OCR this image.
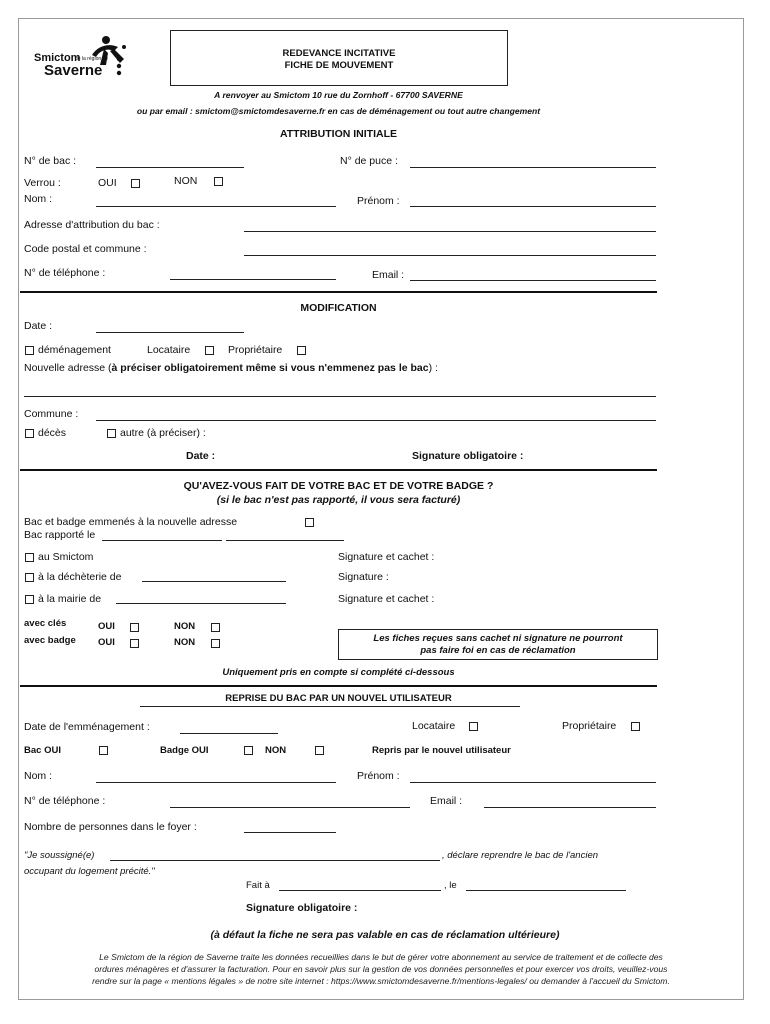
Smictom
de la région de
Saverne
REDEVANCE INCITATIVE
FICHE DE MOUVEMENT
A renvoyer au Smictom 10 rue du Zornhoff - 67700 SAVERNE
ou par email : smictom@smictomdesaverne.fr en cas de déménagement ou tout autre changement
ATTRIBUTION INITIALE
N° de bac :	N° de puce :
Verrou :	OUI	NON
Nom :	Prénom :
Adresse d'attribution du bac :
Code postal et commune :
N° de téléphone :	Email :
MODIFICATION
Date :
déménagement	Locataire	Propriétaire
Nouvelle adresse (à préciser obligatoirement même si vous n'emmenez pas le bac) :
Commune :
décès	autre (à préciser) :
Date :	Signature obligatoire :
QU'AVEZ-VOUS FAIT DE VOTRE BAC ET DE VOTRE BADGE ?
(si le bac n'est pas rapporté, il vous sera facturé)
Bac et badge emmenés à la nouvelle adresse
Bac rapporté le
au Smictom	Signature et cachet :
à la déchèterie de	Signature :
à la mairie de	Signature et cachet :
avec clés	OUI	NON
avec badge OUI	NON	Les fiches reçues sans cachet ni signature ne pourront
pas faire foi en cas de réclamation
Uniquement pris en compte si complété ci-dessous
REPRISE DU BAC PAR UN NOUVEL UTILISATEUR
Date de l'emménagement :	Locataire	Propriétaire
Bac OUI	Badge OUI	NON	Repris par le nouvel utilisateur
Nom :	Prénom :
N° de téléphone :	Email :
Nombre de personnes dans le foyer :
"Je soussigné(e)	, déclare reprendre le bac de l'ancien
occupant du logement précité."
Fait à	, le
Signature obligatoire :
(à défaut la fiche ne sera pas valable en cas de réclamation ultérieure)
Le Smictom de la région de Saverne traite les données recueillies dans le but de gérer votre abonnement au service de traitement et de collecte des
ordures ménagères et d'assurer la facturation. Pour en savoir plus sur la gestion de vos données personnelles et pour exercer vos droits, veuillez-vous
rendre sur la page « mentions légales » de notre site internet : https://www.smictomdesaverne.fr/mentions-legales/ ou demander à l'accueil du Smictom.
